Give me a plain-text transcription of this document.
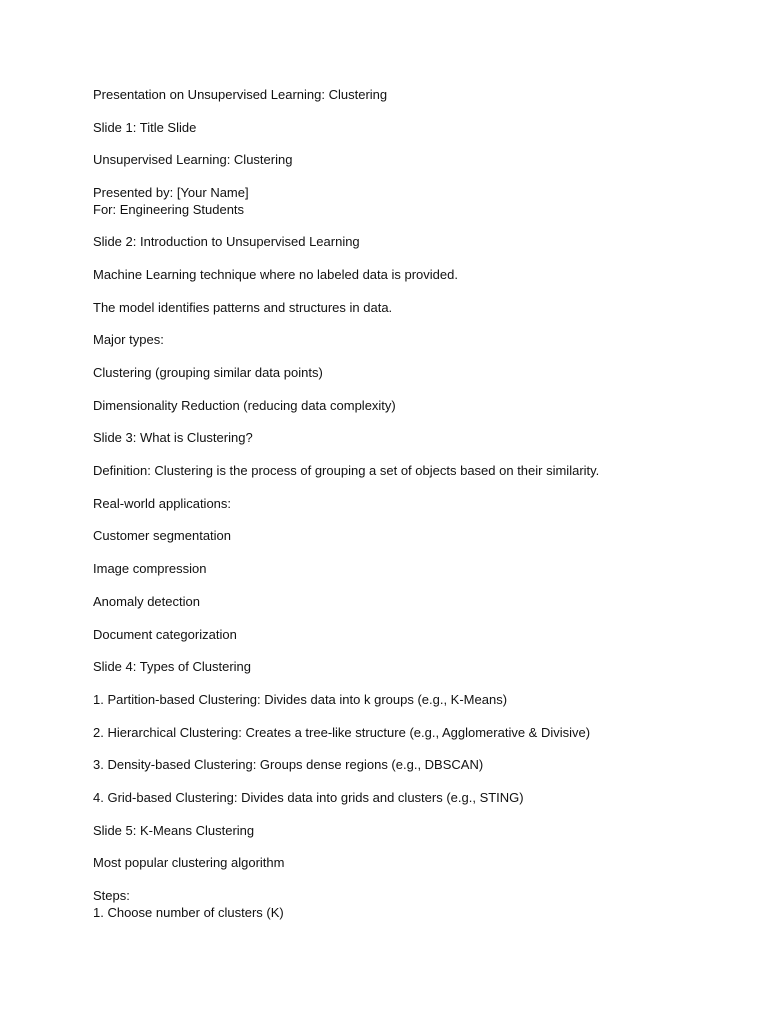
Presentation on Unsupervised Learning: Clustering

Slide 1: Title Slide

Unsupervised Learning: Clustering

Presented by: [Your Name]
For: Engineering Students

Slide 2: Introduction to Unsupervised Learning

Machine Learning technique where no labeled data is provided.

The model identifies patterns and structures in data.

Major types:

Clustering (grouping similar data points)

Dimensionality Reduction (reducing data complexity)

Slide 3: What is Clustering?

Definition: Clustering is the process of grouping a set of objects based on their similarity.

Real-world applications:

Customer segmentation

Image compression

Anomaly detection

Document categorization

Slide 4: Types of Clustering

1. Partition-based Clustering: Divides data into k groups (e.g., K-Means)

2. Hierarchical Clustering: Creates a tree-like structure (e.g., Agglomerative & Divisive)

3. Density-based Clustering: Groups dense regions (e.g., DBSCAN)

4. Grid-based Clustering: Divides data into grids and clusters (e.g., STING)

Slide 5: K-Means Clustering

Most popular clustering algorithm

Steps:
1. Choose number of clusters (K)
